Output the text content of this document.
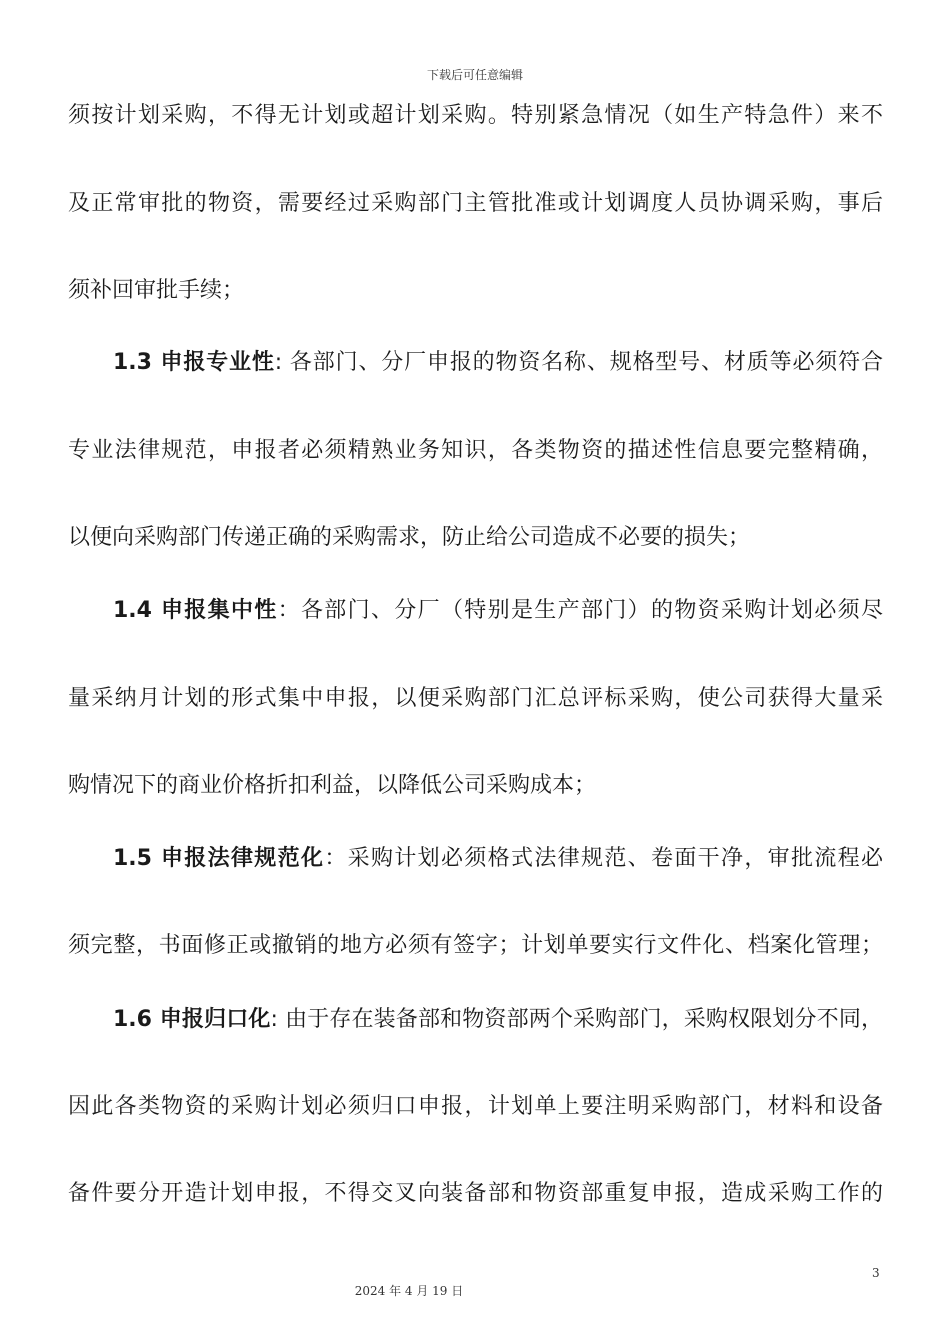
下载后可任意编辑
须按计划采购，不得无计划或超计划采购。特别紧急情况（如生产特急件）来不
及正常审批的物资，需要经过采购部门主管批准或计划调度人员协调采购，事后
须补回审批手续；
1.3 申报专业性: 各部门、分厂申报的物资名称、规格型号、材质等必须符合
专业法律规范，申报者必须精熟业务知识，各类物资的描述性信息要完整精确，
以便向采购部门传递正确的采购需求，防止给公司造成不必要的损失；
1.4 申报集中性：各部门、分厂（特别是生产部门）的物资采购计划必须尽
量采纳月计划的形式集中申报，以便采购部门汇总评标采购，使公司获得大量采
购情况下的商业价格折扣利益，以降低公司采购成本；
1.5 申报法律规范化：采购计划必须格式法律规范、卷面干净，审批流程必
须完整，书面修正或撤销的地方必须有签字；计划单要实行文件化、档案化管理；
1.6 申报归口化: 由于存在装备部和物资部两个采购部门，采购权限划分不同，
因此各类物资的采购计划必须归口申报，计划单上要注明采购部门，材料和设备
备件要分开造计划申报，不得交叉向装备部和物资部重复申报，造成采购工作的
3
2024 年 4 月 19 日
